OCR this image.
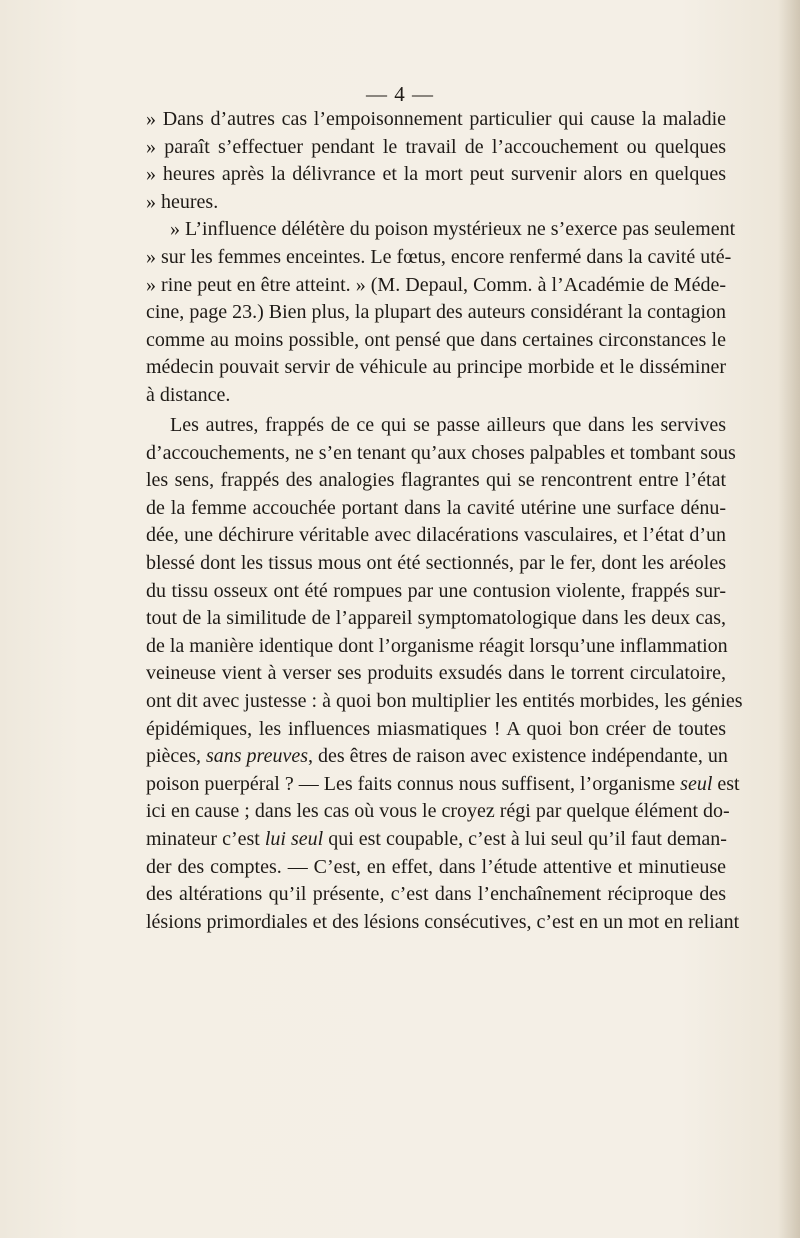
— 4 —
» Dans d’autres cas l’empoisonnement particulier qui cause la maladie
» paraît s’effectuer pendant le travail de l’accouchement ou quelques
» heures après la délivrance et la mort peut survenir alors en quelques
» heures.
» L’influence délétère du poison mystérieux ne s’exerce pas seulement
» sur les femmes enceintes. Le fœtus, encore renfermé dans la cavité uté-
» rine peut en être atteint. » (M. Depaul, Comm. à l’Académie de Méde-
cine, page 23.) Bien plus, la plupart des auteurs considérant la contagion
comme au moins possible, ont pensé que dans certaines circonstances le
médecin pouvait servir de véhicule au principe morbide et le disséminer
à distance.
Les autres, frappés de ce qui se passe ailleurs que dans les servives
d’accouchements, ne s’en tenant qu’aux choses palpables et tombant sous
les sens, frappés des analogies flagrantes qui se rencontrent entre l’état
de la femme accouchée portant dans la cavité utérine une surface dénu-
dée, une déchirure véritable avec dilacérations vasculaires, et l’état d’un
blessé dont les tissus mous ont été sectionnés, par le fer, dont les aréoles
du tissu osseux ont été rompues par une contusion violente, frappés sur-
tout de la similitude de l’appareil symptomatologique dans les deux cas,
de la manière identique dont l’organisme réagit lorsqu’une inflammation
veineuse vient à verser ses produits exsudés dans le torrent circulatoire,
ont dit avec justesse : à quoi bon multiplier les entités morbides, les génies
épidémiques, les influences miasmatiques ! A quoi bon créer de toutes
pièces, sans preuves, des êtres de raison avec existence indépendante, un
poison puerpéral ? — Les faits connus nous suffisent, l’organisme seul est
ici en cause ; dans les cas où vous le croyez régi par quelque élément do-
minateur c’est lui seul qui est coupable, c’est à lui seul qu’il faut deman-
der des comptes. — C’est, en effet, dans l’étude attentive et minutieuse
des altérations qu’il présente, c’est dans l’enchaînement réciproque des
lésions primordiales et des lésions consécutives, c’est en un mot en reliant
